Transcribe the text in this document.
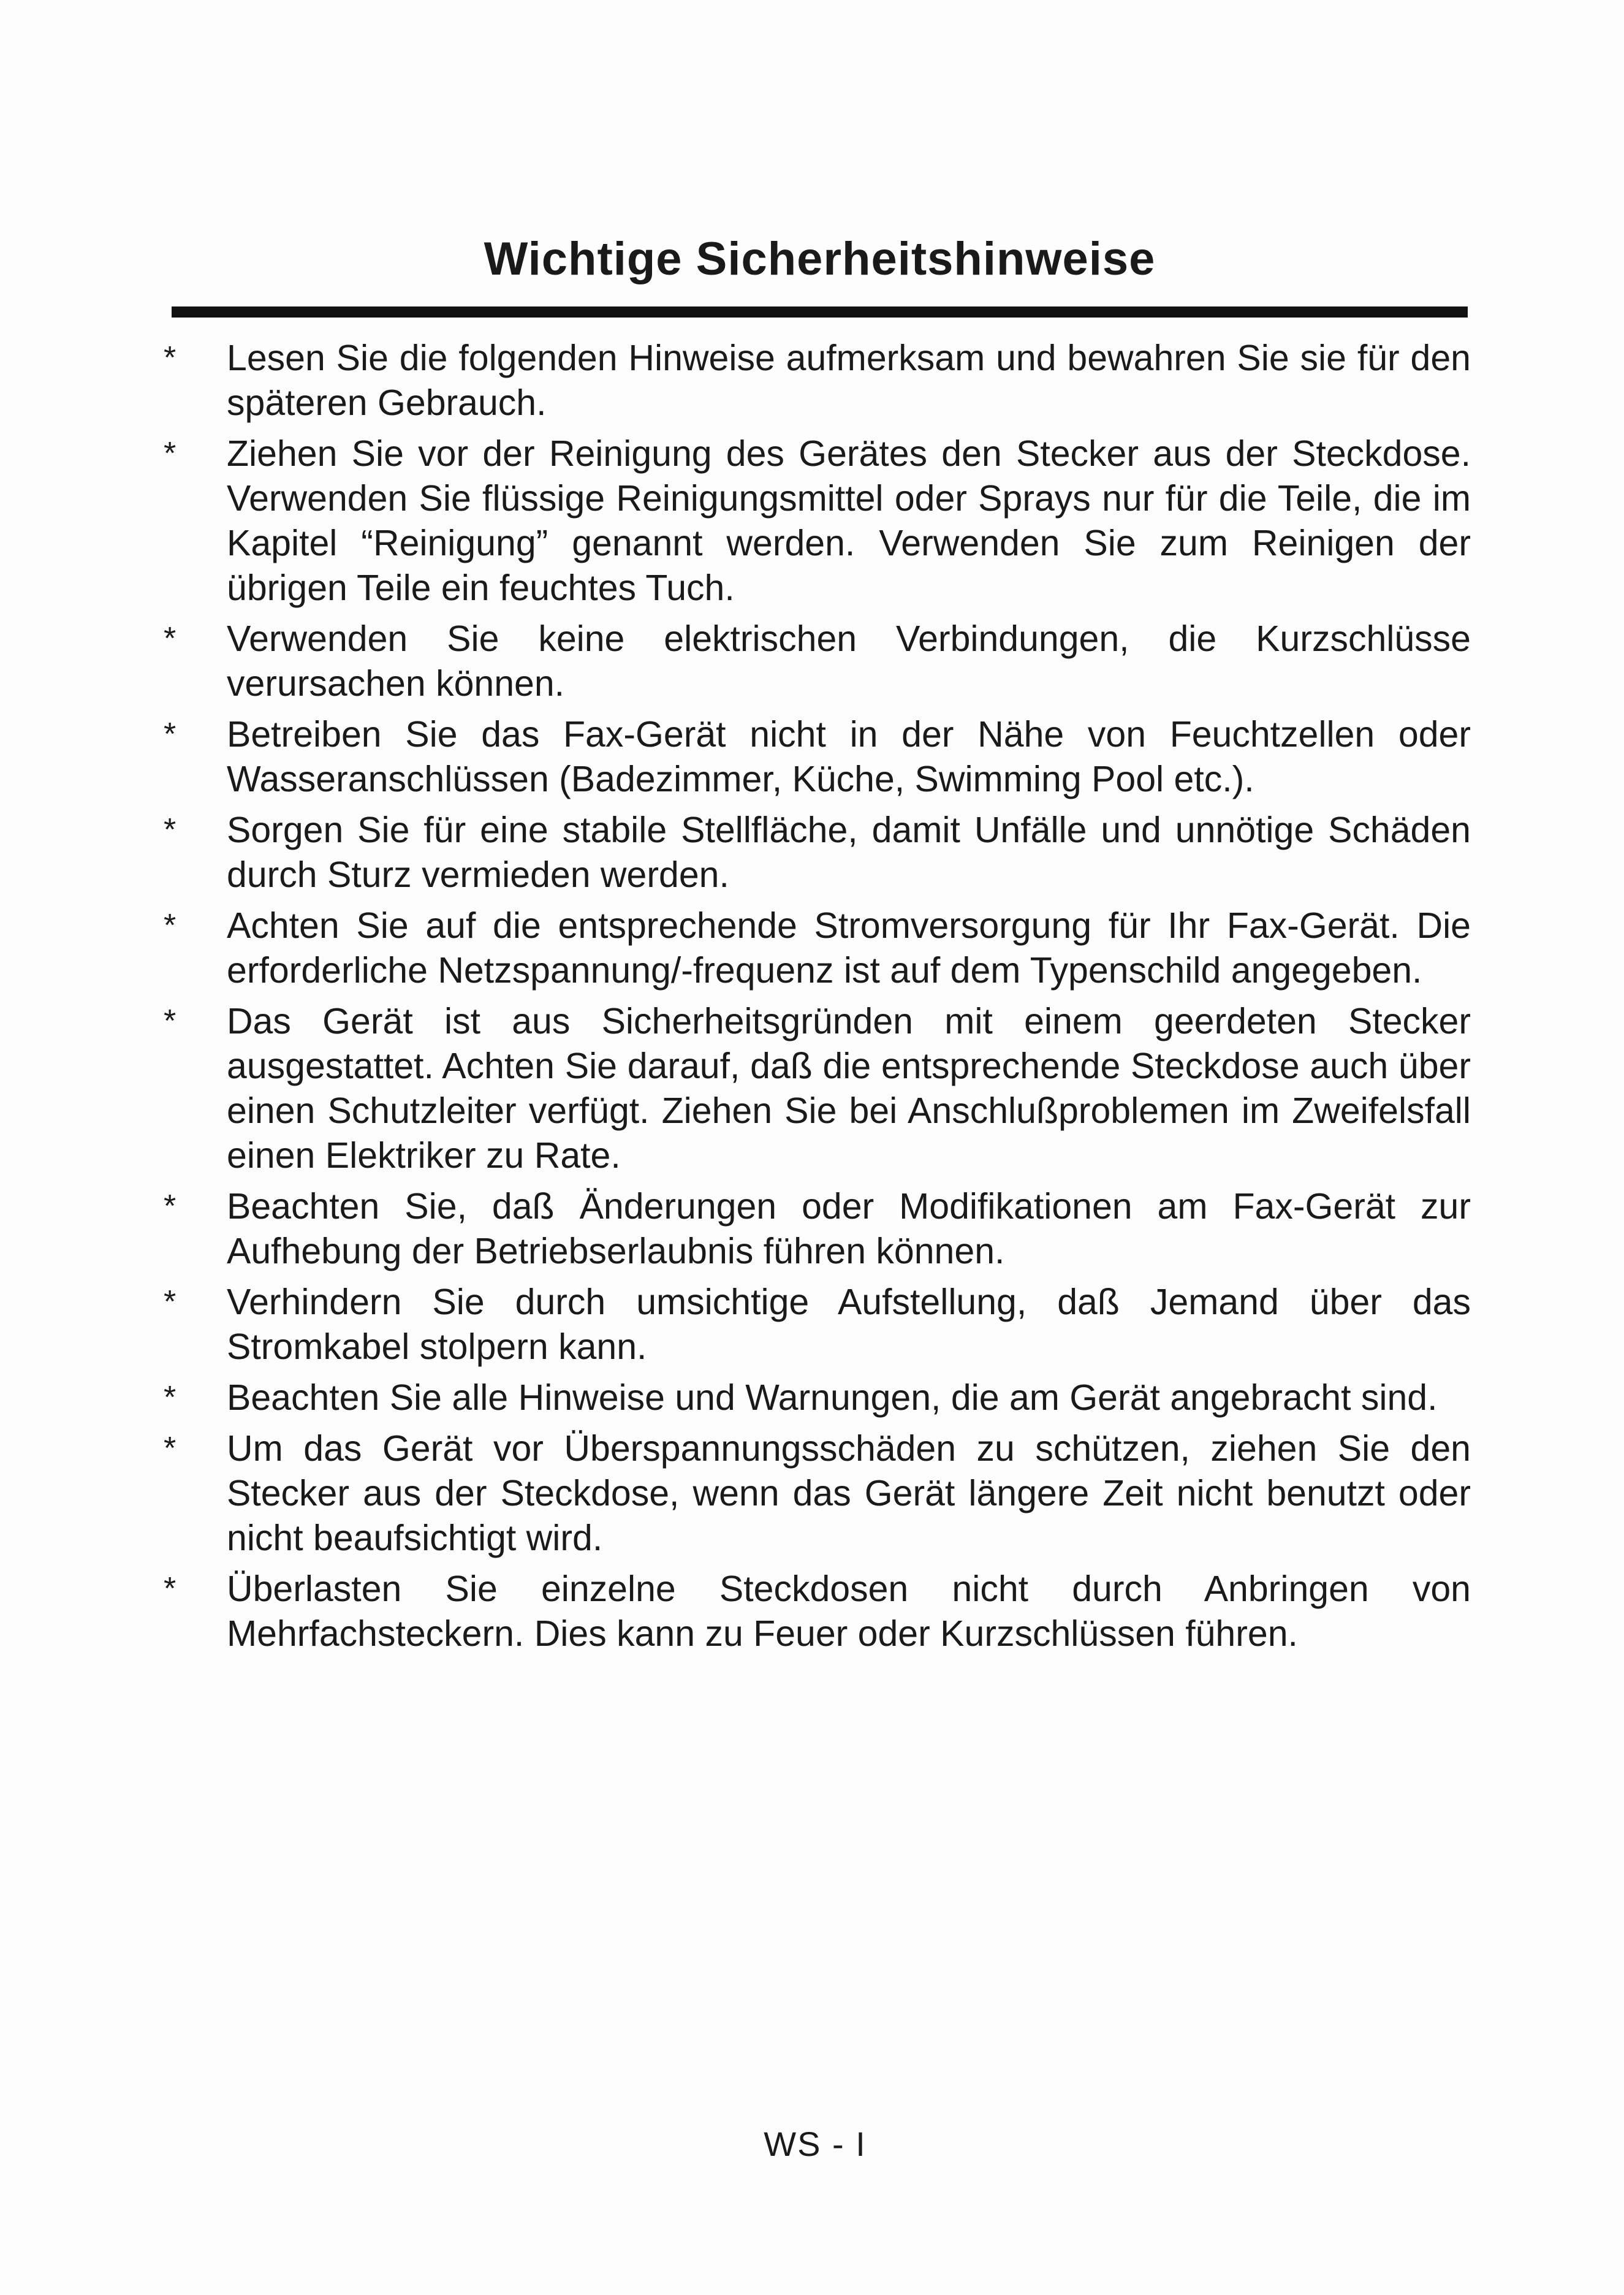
Wichtige Sicherheitshinweise
* Lesen Sie die folgenden Hinweise aufmerksam und bewahren Sie sie für den späteren Gebrauch.
* Ziehen Sie vor der Reinigung des Gerätes den Stecker aus der Steckdose. Verwenden Sie flüssige Reinigungsmittel oder Sprays nur für die Teile, die im Kapitel “Reinigung” genannt werden. Verwenden Sie zum Reinigen der übrigen Teile ein feuchtes Tuch.
* Verwenden Sie keine elektrischen Verbindungen, die Kurzschlüsse verursachen können.
* Betreiben Sie das Fax-Gerät nicht in der Nähe von Feuchtzellen oder Wasseranschlüssen (Badezimmer, Küche, Swimming Pool etc.).
* Sorgen Sie für eine stabile Stellfläche, damit Unfälle und unnötige Schäden durch Sturz vermieden werden.
* Achten Sie auf die entsprechende Stromversorgung für Ihr Fax-Gerät. Die erforderliche Netzspannung/-frequenz ist auf dem Typenschild angegeben.
* Das Gerät ist aus Sicherheitsgründen mit einem geerdeten Stecker ausgestattet. Achten Sie darauf, daß die entsprechende Steckdose auch über einen Schutzleiter verfügt. Ziehen Sie bei Anschlußproblemen im Zweifelsfall einen Elektriker zu Rate.
* Beachten Sie, daß Änderungen oder Modifikationen am Fax-Gerät zur Aufhebung der Betriebserlaubnis führen können.
* Verhindern Sie durch umsichtige Aufstellung, daß Jemand über das Stromkabel stolpern kann.
* Beachten Sie alle Hinweise und Warnungen, die am Gerät angebracht sind.
* Um das Gerät vor Überspannungsschäden zu schützen, ziehen Sie den Stecker aus der Steckdose, wenn das Gerät längere Zeit nicht benutzt oder nicht beaufsichtigt wird.
* Überlasten Sie einzelne Steckdosen nicht durch Anbringen von Mehrfachsteckern. Dies kann zu Feuer oder Kurzschlüssen führen.
WS - I
